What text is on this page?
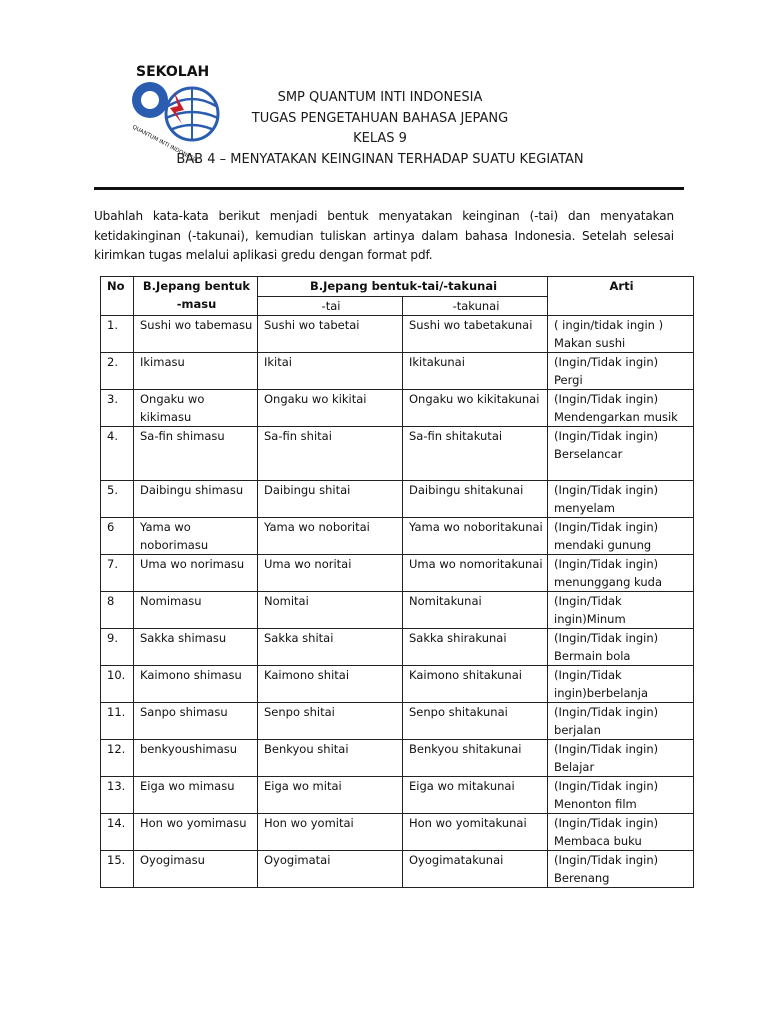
SEKOLAH
QUANTUM INTI INDONESIA
SMP QUANTUM INTI INDONESIA
TUGAS PENGETAHUAN BAHASA JEPANG
KELAS 9
BAB 4 – MENYATAKAN KEINGINAN TERHADAP SUATU KEGIATAN
Ubahlah kata-kata berikut menjadi bentuk menyatakan keinginan (-tai) dan menyatakan
ketidakinginan (-takunai), kemudian tuliskan artinya dalam bahasa Indonesia. Setelah selesai
kirimkan tugas melalui aplikasi gredu dengan format pdf.
No	B.Jepang bentuk -masu	B.Jepang bentuk-tai/-takunai		Arti
		-tai	-takunai	
1.	Sushi wo tabemasu	Sushi wo tabetai	Sushi wo tabetakunai	( ingin/tidak ingin ) Makan sushi
2.	Ikimasu	Ikitai	Ikitakunai	(Ingin/Tidak ingin) Pergi
3.	Ongaku wo kikimasu	Ongaku wo kikitai	Ongaku wo kikitakunai	(Ingin/Tidak ingin) Mendengarkan musik
4.	Sa-fin shimasu	Sa-fin shitai	Sa-fin shitakutai	(Ingin/Tidak ingin) Berselancar
5.	Daibingu shimasu	Daibingu shitai	Daibingu shitakunai	(Ingin/Tidak ingin) menyelam
6	Yama wo noborimasu	Yama wo noboritai	Yama wo noboritakunai	(Ingin/Tidak ingin) mendaki gunung
7.	Uma wo norimasu	Uma wo noritai	Uma wo nomoritakunai	(Ingin/Tidak ingin) menunggang kuda
8	Nomimasu	Nomitai	Nomitakunai	(Ingin/Tidak ingin)Minum
9.	Sakka shimasu	Sakka shitai	Sakka shirakunai	(Ingin/Tidak ingin) Bermain bola
10.	Kaimono shimasu	Kaimono shitai	Kaimono shitakunai	(Ingin/Tidak ingin)berbelanja
11.	Sanpo shimasu	Senpo shitai	Senpo shitakunai	(Ingin/Tidak ingin) berjalan
12.	benkyoushimasu	Benkyou shitai	Benkyou shitakunai	(Ingin/Tidak ingin) Belajar
13.	Eiga wo mimasu	Eiga wo mitai	Eiga wo mitakunai	(Ingin/Tidak ingin) Menonton film
14.	Hon wo yomimasu	Hon wo yomitai	Hon wo yomitakunai	(Ingin/Tidak ingin) Membaca buku
15.	Oyogimasu	Oyogimatai	Oyogimatakunai	(Ingin/Tidak ingin) Berenang
